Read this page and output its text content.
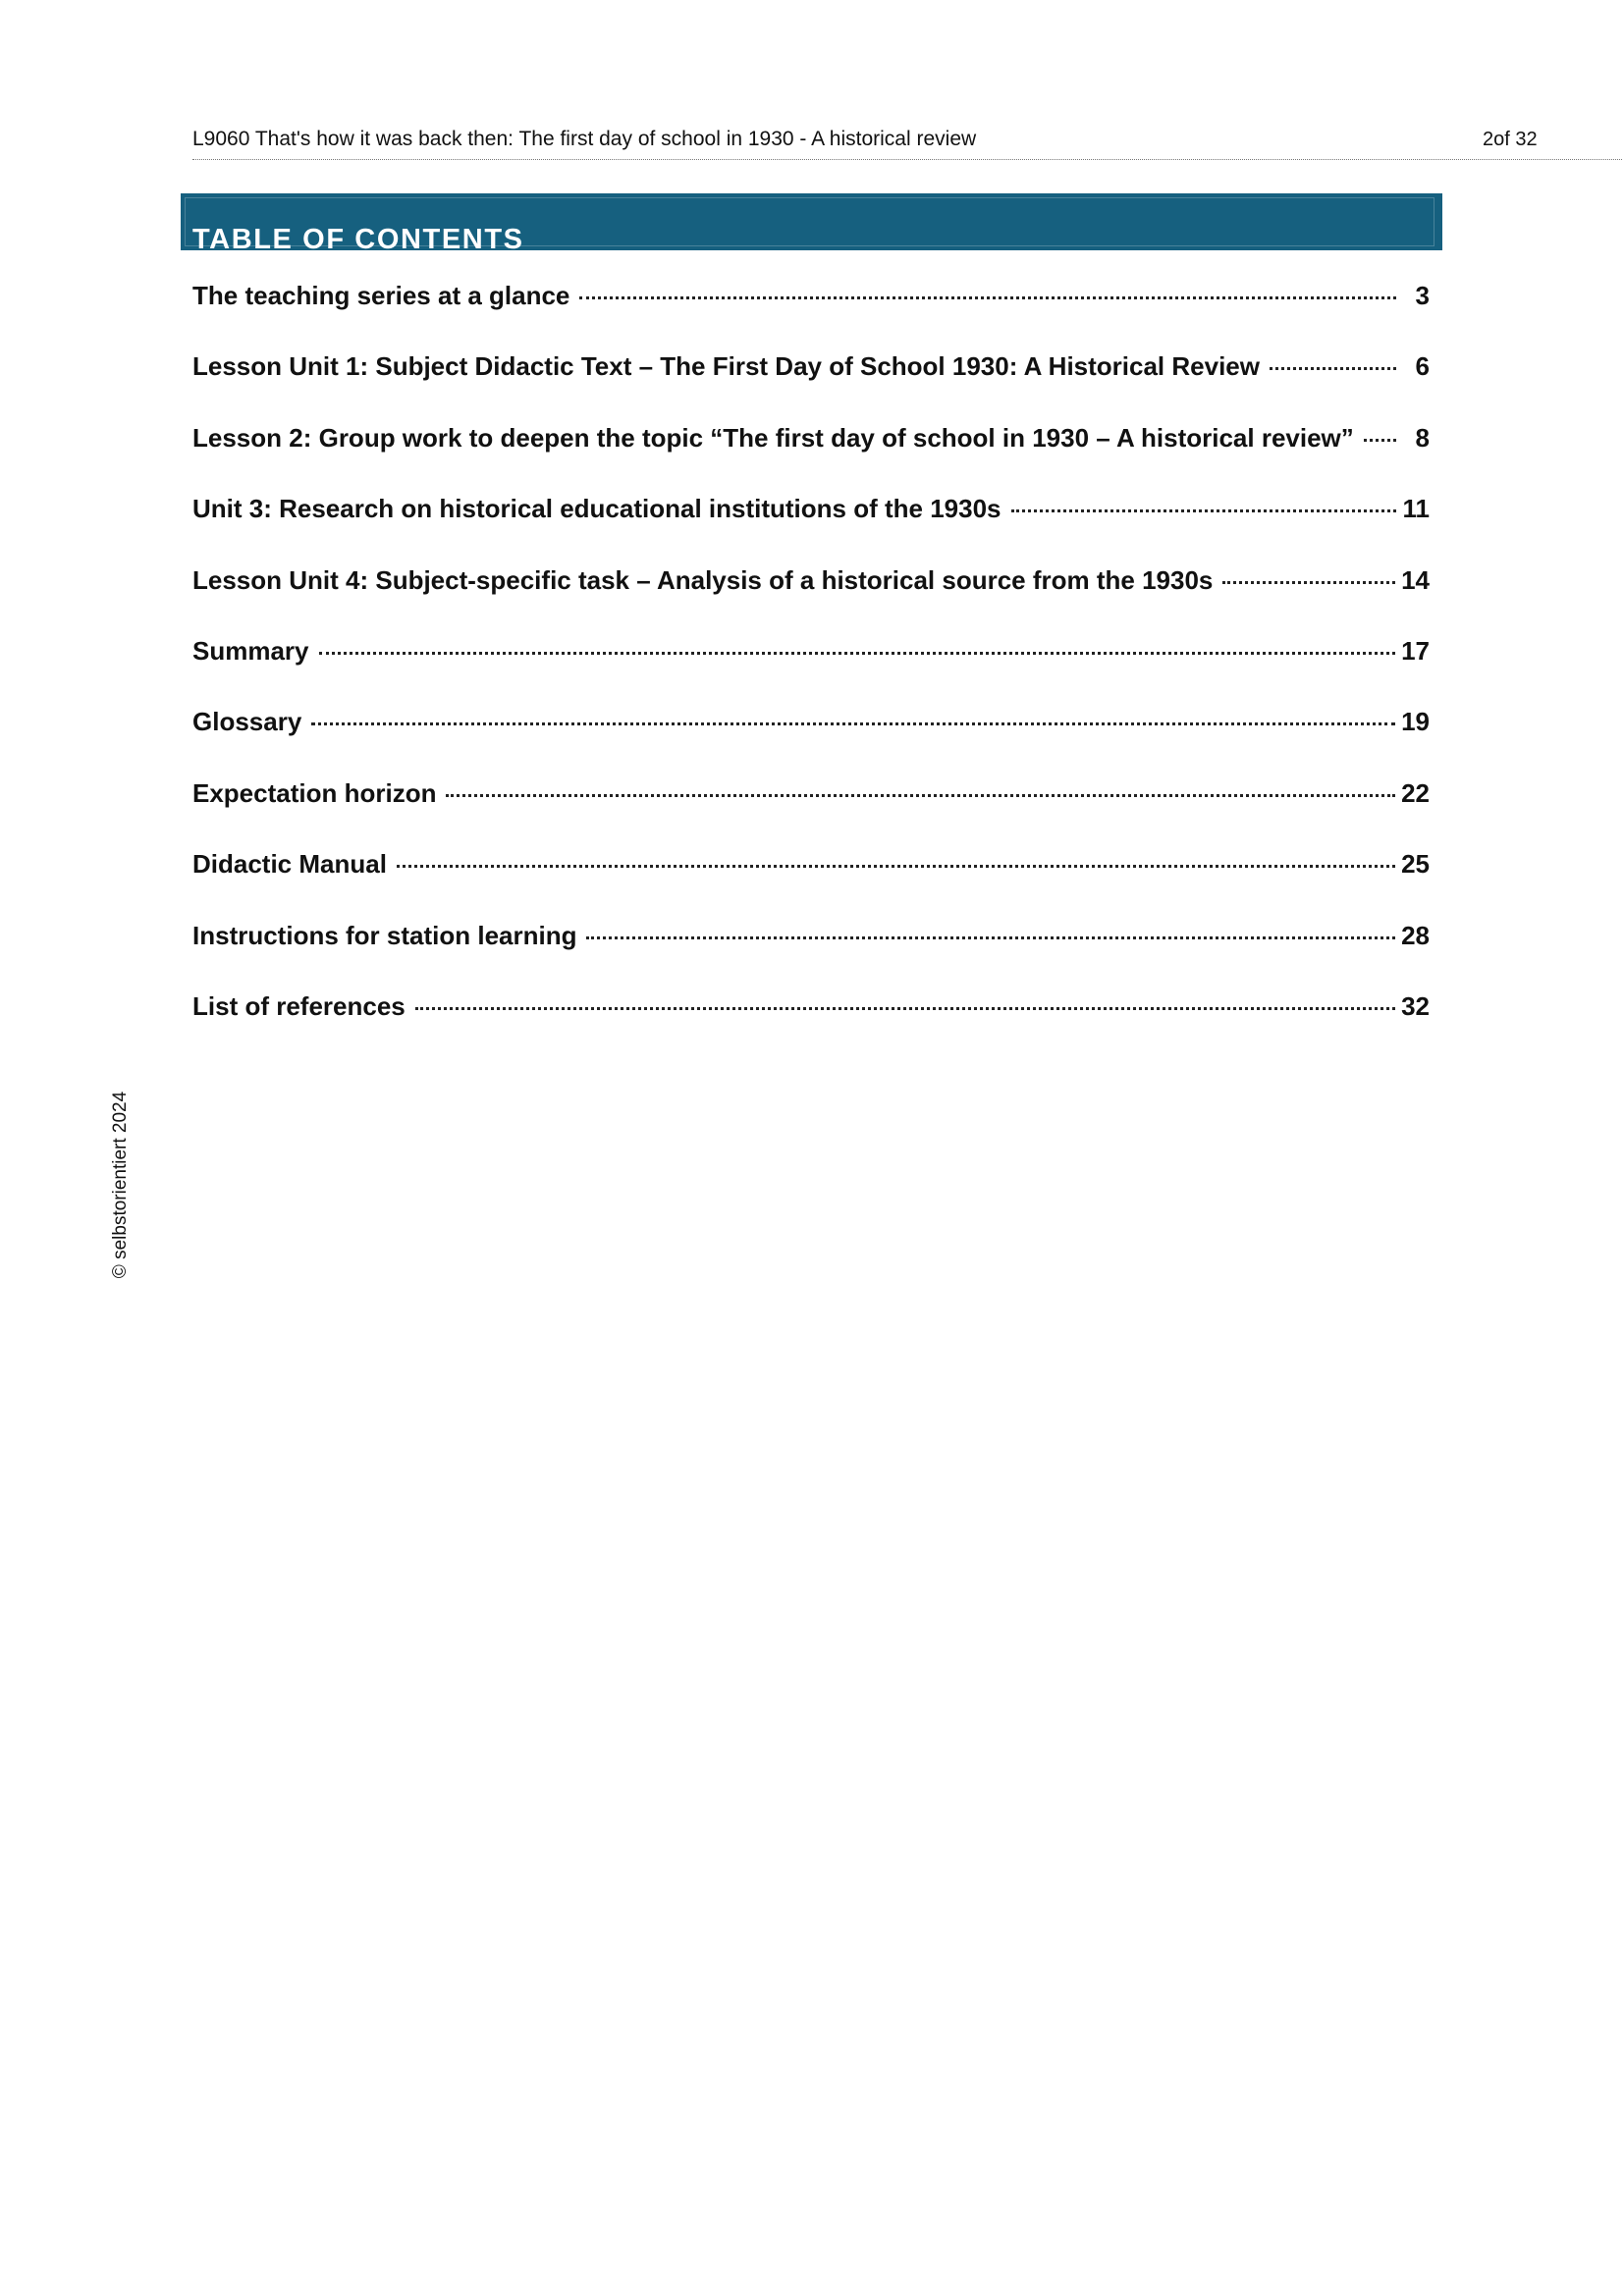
L9060 That's how it was back then: The first day of school in 1930 - A historical review	2of 32
TABLE OF CONTENTS
The teaching series at a glance	3
Lesson Unit 1: Subject Didactic Text – The First Day of School 1930: A Historical Review	6
Lesson 2: Group work to deepen the topic “The first day of school in 1930 – A historical review”	8
Unit 3: Research on historical educational institutions of the 1930s	11
Lesson Unit 4: Subject-specific task – Analysis of a historical source from the 1930s	14
Summary	17
Glossary	19
Expectation horizon	22
Didactic Manual	25
Instructions for station learning	28
List of references	32
© selbstorientiert 2024
